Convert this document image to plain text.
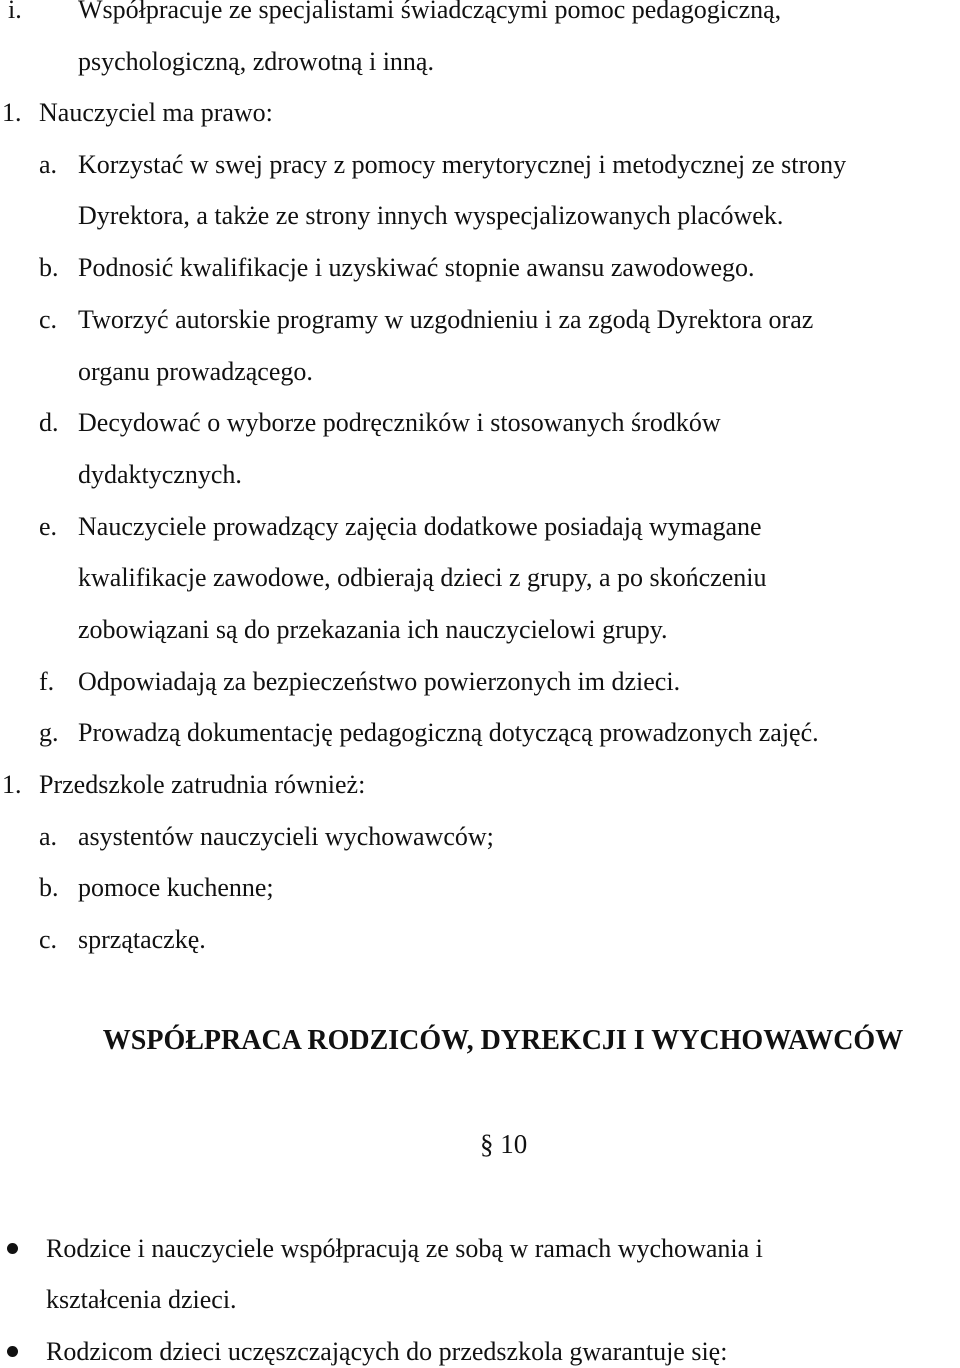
i. Współpracuje ze specjalistami świadczącymi pomoc pedagogiczną,
psychologiczną, zdrowotną i inną.
1. Nauczyciel ma prawo:
a. Korzystać w swej pracy z pomocy merytorycznej i metodycznej ze strony
Dyrektora, a także ze strony innych wyspecjalizowanych placówek.
b. Podnosić kwalifikacje i uzyskiwać stopnie awansu zawodowego.
c. Tworzyć autorskie programy w uzgodnieniu i za zgodą Dyrektora oraz
organu prowadzącego.
d. Decydować o wyborze podręczników i stosowanych środków
dydaktycznych.
e. Nauczyciele prowadzący zajęcia dodatkowe posiadają wymagane
kwalifikacje zawodowe, odbierają dzieci z grupy, a po skończeniu
zobowiązani są do przekazania ich nauczycielowi grupy.
f. Odpowiadają za bezpieczeństwo powierzonych im dzieci.
g. Prowadzą dokumentację pedagogiczną dotyczącą prowadzonych zajęć.
1. Przedszkole zatrudnia również:
a. asystentów nauczycieli wychowawców;
b. pomoce kuchenne;
c. sprzątaczkę.
WSPÓŁPRACA RODZICÓW, DYREKCJI I WYCHOWAWCÓW
§ 10
Rodzice i nauczyciele współpracują ze sobą w ramach wychowania i
kształcenia dzieci.
Rodzicom dzieci uczęszczających do przedszkola gwarantuje się:
